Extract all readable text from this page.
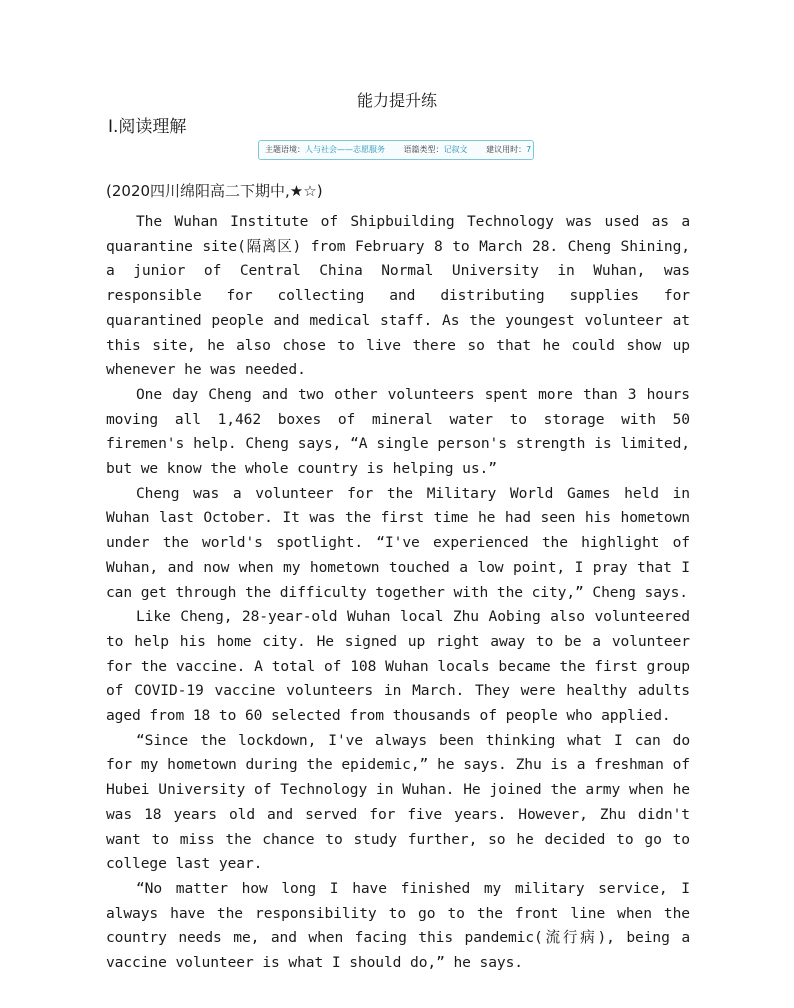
能力提升练
Ⅰ.阅读理解
主题语境：人与社会——志愿服务 语篇类型：记叙文 建议用时：7
(2020四川绵阳高二下期中,★☆)

The Wuhan Institute of Shipbuilding Technology was used as a quarantine site(隔离区) from February 8 to March 28. Cheng Shining, a junior of Central China Normal University in Wuhan, was responsible for collecting and distributing supplies for quarantined people and medical staff. As the youngest volunteer at this site, he also chose to live there so that he could show up whenever he was needed.

One day Cheng and two other volunteers spent more than 3 hours moving all 1,462 boxes of mineral water to storage with 50 firemen's help. Cheng says, “A single person's strength is limited, but we know the whole country is helping us.”

Cheng was a volunteer for the Military World Games held in Wuhan last October. It was the first time he had seen his hometown under the world's spotlight. “I've experienced the highlight of Wuhan, and now when my hometown touched a low point, I pray that I can get through the difficulty together with the city,” Cheng says.

Like Cheng, 28-year-old Wuhan local Zhu Aobing also volunteered to help his home city. He signed up right away to be a volunteer for the vaccine. A total of 108 Wuhan locals became the first group of COVID-19 vaccine volunteers in March. They were healthy adults aged from 18 to 60 selected from thousands of people who applied.

“Since the lockdown, I've always been thinking what I can do for my hometown during the epidemic,” he says. Zhu is a freshman of Hubei University of Technology in Wuhan. He joined the army when he was 18 years old and served for five years. However, Zhu didn't want to miss the chance to study further, so he decided to go to college last year.

“No matter how long I have finished my military service, I always have the responsibility to go to the front line when the country needs me, and when facing this pandemic(流行病), being a vaccine volunteer is what I should do,” he says.
